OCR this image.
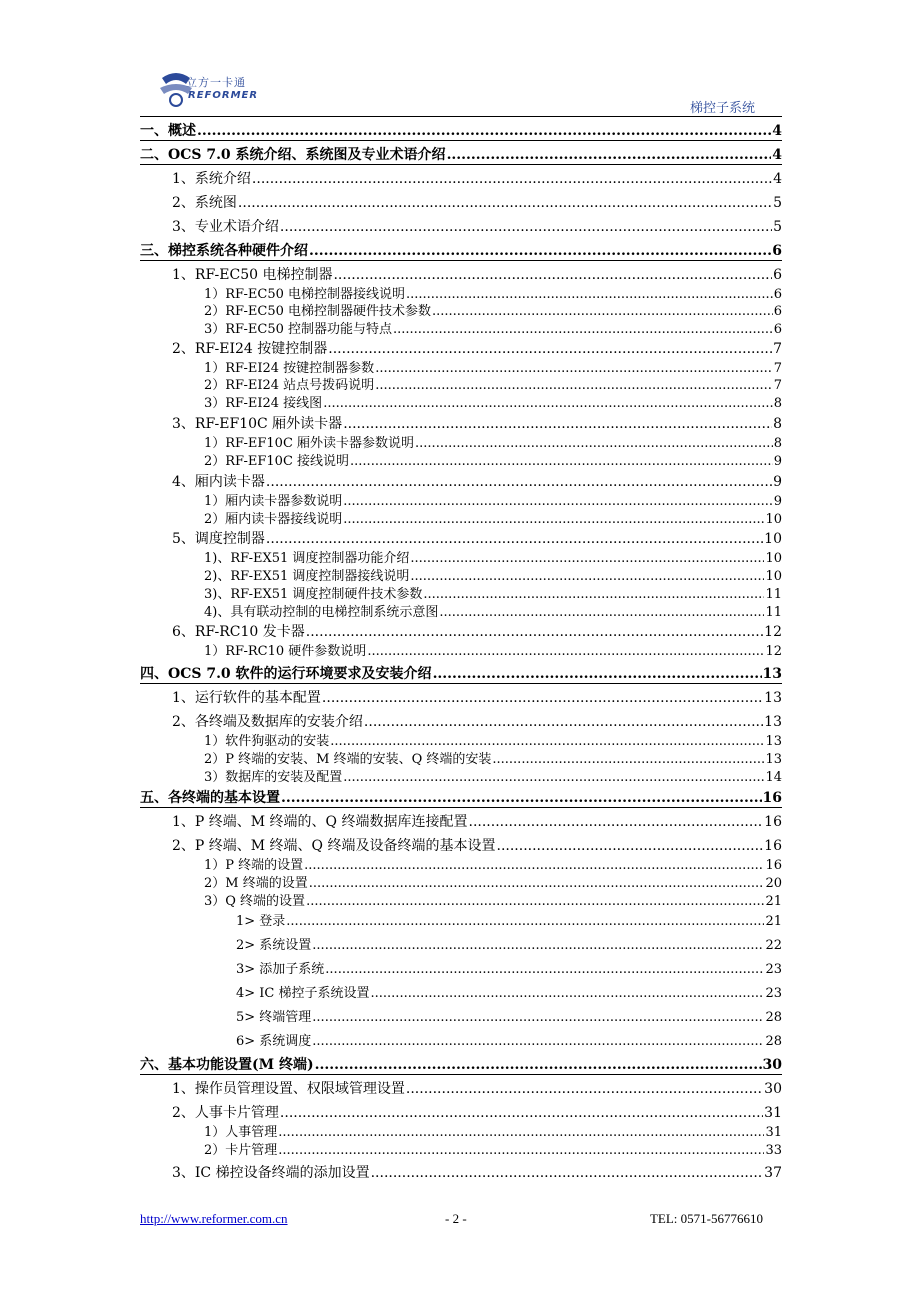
立方一卡通
REFORMER
梯控子系统
一、概述 .....	4
二、OCS 7.0 系统介绍、系统图及专业术语介绍 .....	4
1、系统介绍 .....	4
2、系统图 .....	5
3、专业术语介绍 .....	5
三、梯控系统各种硬件介绍 .....	6
1、RF-EC50 电梯控制器 .....	6
1）RF-EC50 电梯控制器接线说明 .....	6
2）RF-EC50 电梯控制器硬件技术参数 .....	6
3）RF-EC50 控制器功能与特点 .....	6
2、RF-EI24 按键控制器 .....	7
1）RF-EI24 按键控制器参数 .....	7
2）RF-EI24 站点号拨码说明 .....	7
3）RF-EI24 接线图 .....	8
3、RF-EF10C 厢外读卡器 .....	8
1）RF-EF10C 厢外读卡器参数说明 .....	8
2）RF-EF10C 接线说明 .....	9
4、厢内读卡器 .....	9
1）厢内读卡器参数说明 .....	9
2）厢内读卡器接线说明 .....	10
5、调度控制器 .....	10
1)、RF-EX51 调度控制器功能介绍 .....	10
2)、RF-EX51 调度控制器接线说明 .....	10
3)、RF-EX51 调度控制硬件技术参数 .....	11
4)、具有联动控制的电梯控制系统示意图 .....	11
6、RF-RC10 发卡器 .....	12
1）RF-RC10 硬件参数说明 .....	12
四、OCS 7.0 软件的运行环境要求及安装介绍 .....	13
1、运行软件的基本配置 .....	13
2、各终端及数据库的安装介绍 .....	13
1）软件狗驱动的安装 .....	13
2）P 终端的安装、M 终端的安装、Q 终端的安装 .....	13
3）数据库的安装及配置 .....	14
五、各终端的基本设置 .....	16
1、P 终端、M 终端的、Q 终端数据库连接配置 .....	16
2、P 终端、M 终端、Q 终端及设备终端的基本设置 .....	16
1）P 终端的设置 .....	16
2）M 终端的设置 .....	20
3）Q 终端的设置 .....	21
1> 登录 .....	21
2> 系统设置 .....	22
3> 添加子系统 .....	23
4> IC 梯控子系统设置 .....	23
5> 终端管理 .....	28
6> 系统调度 .....	28
六、基本功能设置(M 终端) .....	30
1、操作员管理设置、权限域管理设置 .....	30
2、人事卡片管理 .....	31
1）人事管理 .....	31
2）卡片管理 .....	33
3、IC 梯控设备终端的添加设置 .....	37
http://www.reformer.com.cn	- 2 -	TEL: 0571-56776610
